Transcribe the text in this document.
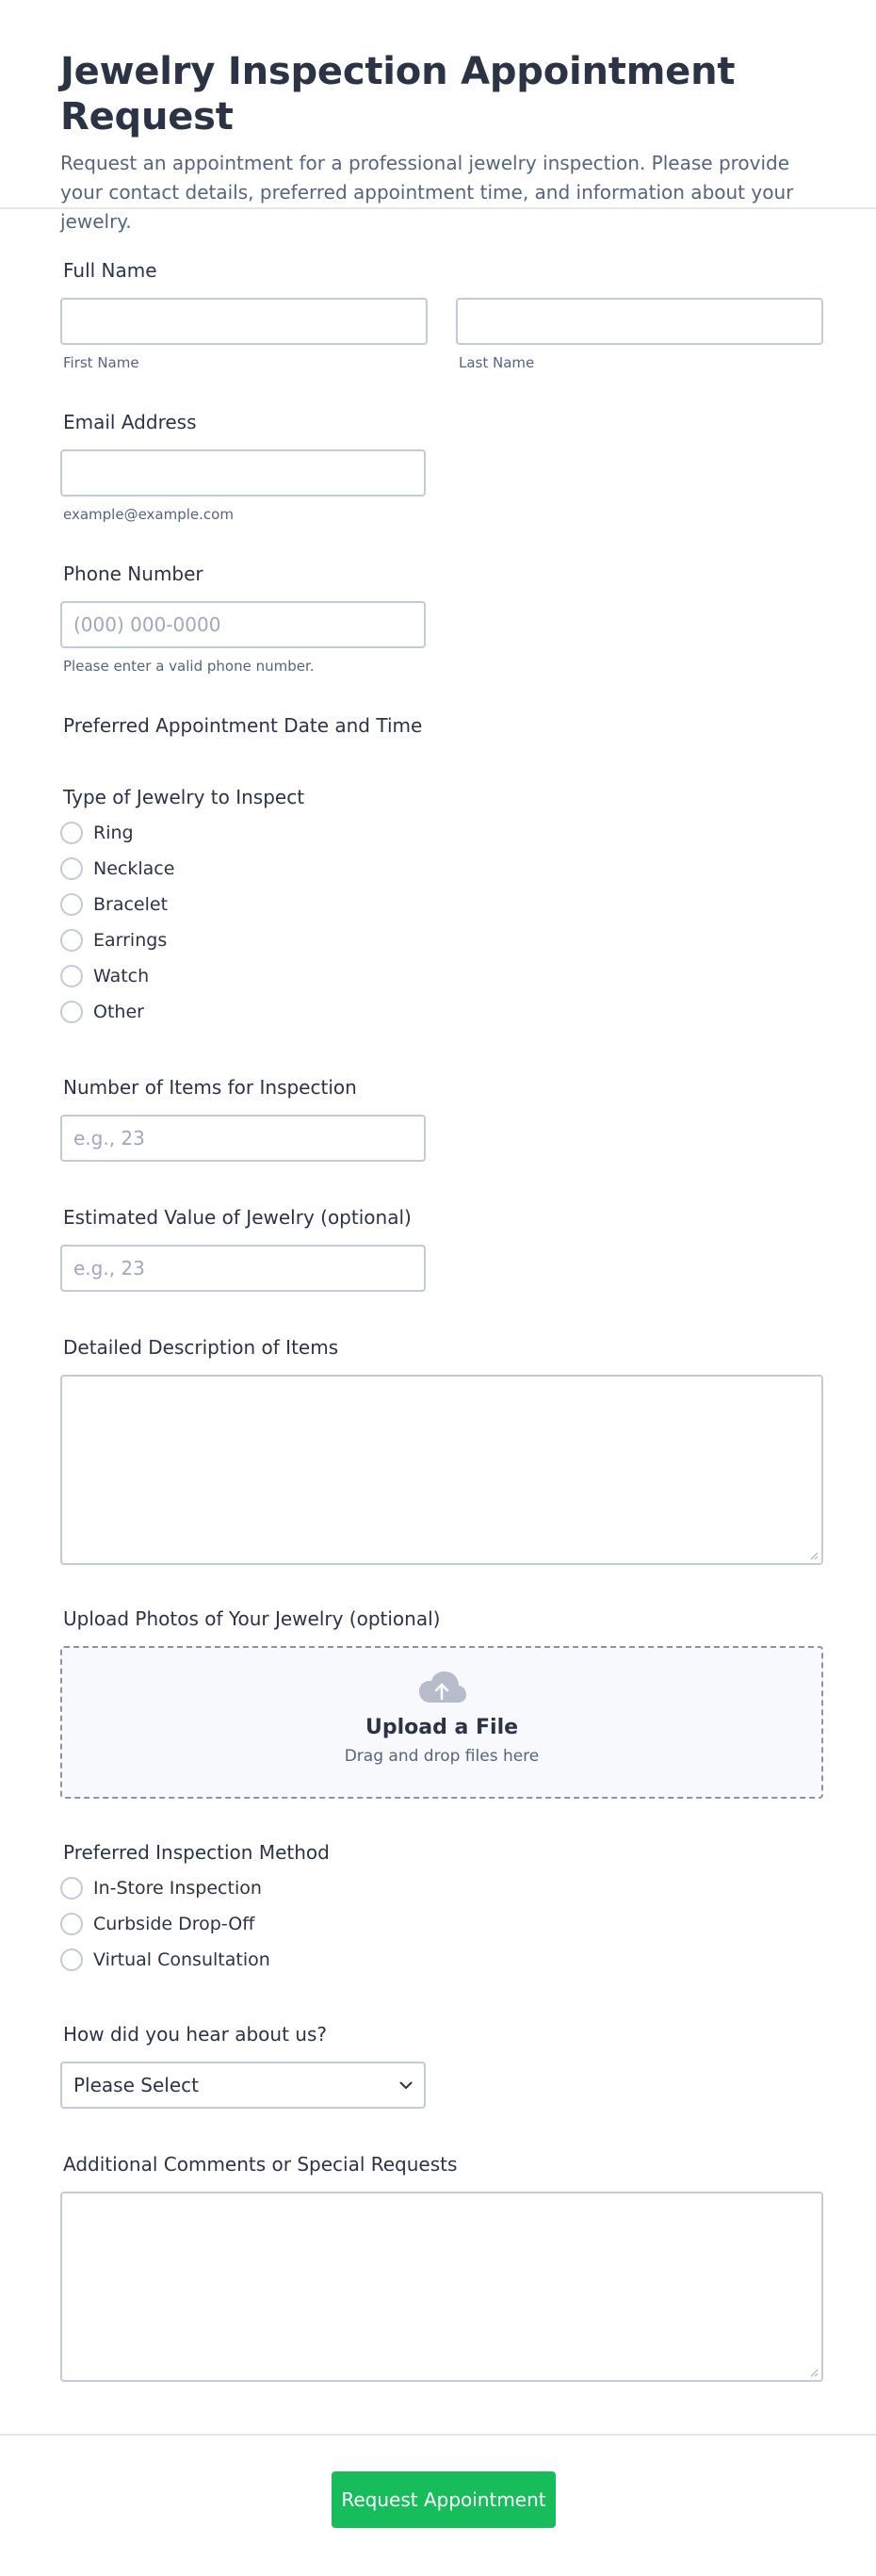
Jewelry Inspection Appointment Request
Request an appointment for a professional jewelry inspection. Please provide your contact details, preferred appointment time, and information about your jewelry.
Full Name
First Name	Last Name
Email Address
example@example.com
Phone Number
(000) 000-0000
Please enter a valid phone number.
Preferred Appointment Date and Time
Type of Jewelry to Inspect
Ring
Necklace
Bracelet
Earrings
Watch
Other
Number of Items for Inspection
e.g., 23
Estimated Value of Jewelry (optional)
e.g., 23
Detailed Description of Items
Upload Photos of Your Jewelry (optional)
Upload a File
Drag and drop files here
Preferred Inspection Method
In-Store Inspection
Curbside Drop-Off
Virtual Consultation
How did you hear about us?
Please Select
Additional Comments or Special Requests
Request Appointment
